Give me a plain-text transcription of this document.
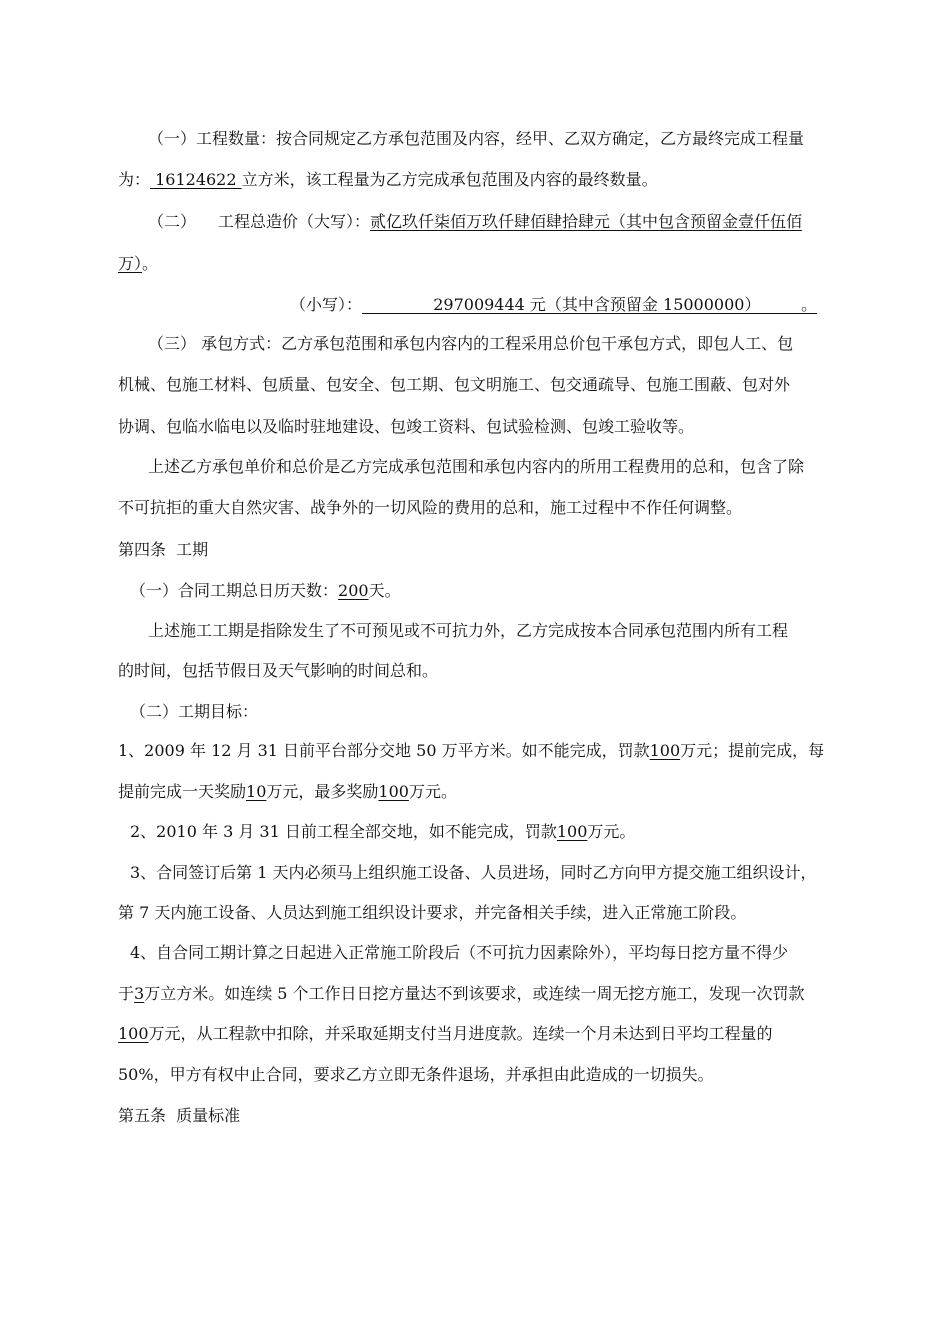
（一）工程数量：按合同规定乙方承包范围及内容，经甲、乙双方确定，乙方最终完成工程量
为： 16124622 立方米，该工程量为乙方完成承包范围及内容的最终数量。
（二） 工程总造价（大写）：贰亿玖仟柒佰万玖仟肆佰肆拾肆元（其中包含预留金壹仟伍佰
万）。
（小写）：              297009444 元（其中含预留金 15000000）        。
（三） 承包方式：乙方承包范围和承包内容内的工程采用总价包干承包方式，即包人工、包
机械、包施工材料、包质量、包安全、包工期、包文明施工、包交通疏导、包施工围蔽、包对外
协调、包临水临电以及临时驻地建设、包竣工资料、包试验检测、包竣工验收等。
上述乙方承包单价和总价是乙方完成承包范围和承包内容内的所用工程费用的总和，包含了除
不可抗拒的重大自然灾害、战争外的一切风险的费用的总和，施工过程中不作任何调整。
第四条  工期
（一）合同工期总日历天数：200天。
上述施工工期是指除发生了不可预见或不可抗力外，乙方完成按本合同承包范围内所有工程
的时间，包括节假日及天气影响的时间总和。
（二）工期目标：
1、2009 年 12 月 31 日前平台部分交地 50 万平方米。如不能完成，罚款100万元；提前完成，每
提前完成一天奖励10万元，最多奖励100万元。
2、2010 年 3 月 31 日前工程全部交地，如不能完成，罚款100万元。
3、合同签订后第 1 天内必须马上组织施工设备、人员进场，同时乙方向甲方提交施工组织设计，
第 7 天内施工设备、人员达到施工组织设计要求，并完备相关手续，进入正常施工阶段。
4、自合同工期计算之日起进入正常施工阶段后（不可抗力因素除外），平均每日挖方量不得少
于3万立方米。如连续 5 个工作日日挖方量达不到该要求，或连续一周无挖方施工，发现一次罚款
100万元，从工程款中扣除，并采取延期支付当月进度款。连续一个月未达到日平均工程量的
50%，甲方有权中止合同，要求乙方立即无条件退场，并承担由此造成的一切损失。
第五条  质量标准
